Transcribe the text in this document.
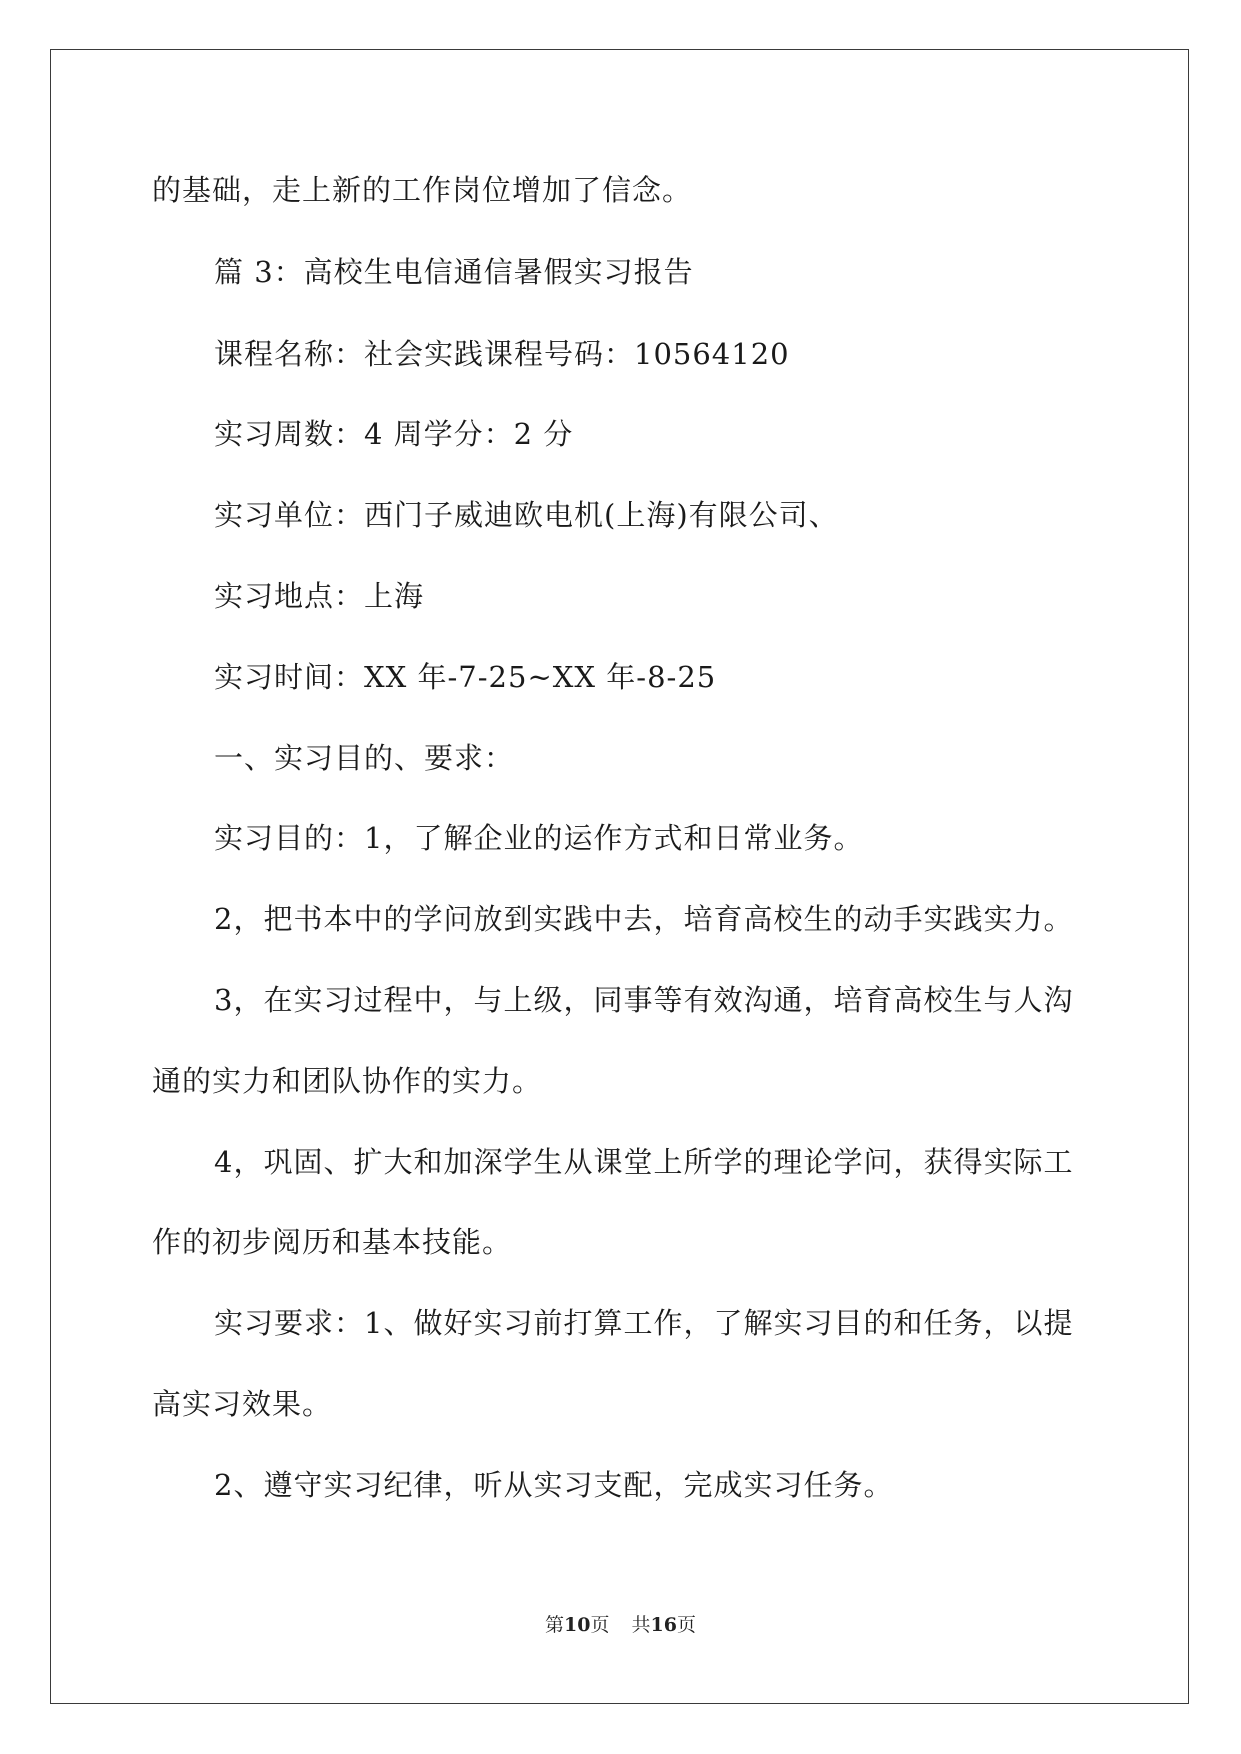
的基础，走上新的工作岗位增加了信念。
篇 3：高校生电信通信暑假实习报告
课程名称：社会实践课程号码：10564120
实习周数：4 周学分：2 分
实习单位：西门子威迪欧电机(上海)有限公司、
实习地点：上海
实习时间：XX 年-7-25~XX 年-8-25
一、实习目的、要求：
实习目的：1，了解企业的运作方式和日常业务。
2，把书本中的学问放到实践中去，培育高校生的动手实践实力。
3，在实习过程中，与上级，同事等有效沟通，培育高校生与人沟
通的实力和团队协作的实力。
4，巩固、扩大和加深学生从课堂上所学的理论学问，获得实际工
作的初步阅历和基本技能。
实习要求：1、做好实习前打算工作，了解实习目的和任务，以提
高实习效果。
2、遵守实习纪律，听从实习支配，完成实习任务。
第10页 共16页
